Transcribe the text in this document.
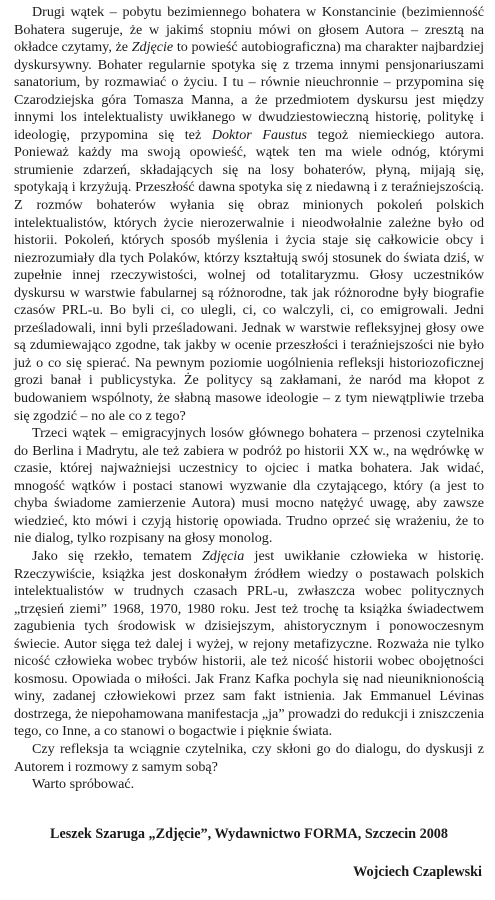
Drugi wątek – pobytu bezimiennego bohatera w Konstancinie (bezimienność Bohatera sugeruje, że w jakimś stopniu mówi on głosem Autora – zresztą na okładce czytamy, że Zdjęcie to powieść autobiograficzna) ma charakter najbardziej dyskursywny. Bohater regularnie spotyka się z trzema innymi pensjonariuszami sanatorium, by rozmawiać o życiu. I tu – równie nieuchronnie – przypomina się Czarodziejska góra Tomasza Manna, a że przedmiotem dyskursu jest między innymi los intelektualisty uwikłanego w dwudziestowieczną historię, politykę i ideologię, przypomina się też Doktor Faustus tegoż niemieckiego autora. Ponieważ każdy ma swoją opowieść, wątek ten ma wiele odnóg, którymi strumienie zdarzeń, składających się na losy bohaterów, płyną, mijają się, spotykają i krzyżują. Przeszłość dawna spotyka się z niedawną i z teraźniejszością. Z rozmów bohaterów wyłania się obraz minionych pokoleń polskich intelektualistów, których życie nierozerwalnie i nieodwołalnie zależne było od historii. Pokoleń, których sposób myślenia i życia staje się całkowicie obcy i niezrozumiały dla tych Polaków, którzy kształtują swój stosunek do świata dziś, w zupełnie innej rzeczywistości, wolnej od totalitaryzmu. Głosy uczestników dyskursu w warstwie fabularnej są różnorodne, tak jak różnorodne były biografie czasów PRL-u. Bo byli ci, co ulegli, ci, co walczyli, ci, co emigrowali. Jedni prześladowali, inni byli prześladowani. Jednak w warstwie refleksyjnej głosy owe są zdumiewająco zgodne, tak jakby w ocenie przeszłości i teraźniejszości nie było już o co się spierać. Na pewnym poziomie uogólnienia refleksji historiozoficznej grozi banał i publicystyka. Że politycy są zakłamani, że naród ma kłopot z budowaniem wspólnoty, że słabną masowe ideologie – z tym niewątpliwie trzeba się zgodzić – no ale co z tego?

Trzeci wątek – emigracyjnych losów głównego bohatera – przenosi czytelnika do Berlina i Madrytu, ale też zabiera w podróż po historii XX w., na wędrówkę w czasie, której najważniejsi uczestnicy to ojciec i matka bohatera. Jak widać, mnogość wątków i postaci stanowi wyzwanie dla czytającego, który (a jest to chyba świadome zamierzenie Autora) musi mocno natężyć uwagę, aby zawsze wiedzieć, kto mówi i czyją historię opowiada. Trudno oprzeć się wrażeniu, że to nie dialog, tylko rozpisany na głosy monolog.

Jako się rzekło, tematem Zdjęcia jest uwikłanie człowieka w historię. Rzeczywiście, książka jest doskonałym źródłem wiedzy o postawach polskich intelektualistów w trudnych czasach PRL-u, zwłaszcza wobec politycznych „trzęsień ziemi” 1968, 1970, 1980 roku. Jest też trochę ta książka świadectwem zagubienia tych środowisk w dzisiejszym, ahistorycznym i ponowoczesnym świecie. Autor sięga też dalej i wyżej, w rejony metafizyczne. Rozważa nie tylko nicość człowieka wobec trybów historii, ale też nicość historii wobec obojętności kosmosu. Opowiada o miłości. Jak Franz Kafka pochyla się nad nieuniknionością winy, zadanej człowiekowi przez sam fakt istnienia. Jak Emmanuel Lévinas dostrzega, że niepohamowana manifestacja „ja” prowadzi do redukcji i zniszczenia tego, co Inne, a co stanowi o bogactwie i pięknie świata.

Czy refleksja ta wciągnie czytelnika, czy skłoni go do dialogu, do dyskusji z Autorem i rozmowy z samym sobą?

Warto spróbować.

Leszek Szaruga „Zdjęcie”, Wydawnictwo FORMA, Szczecin 2008
Wojciech Czaplewski
